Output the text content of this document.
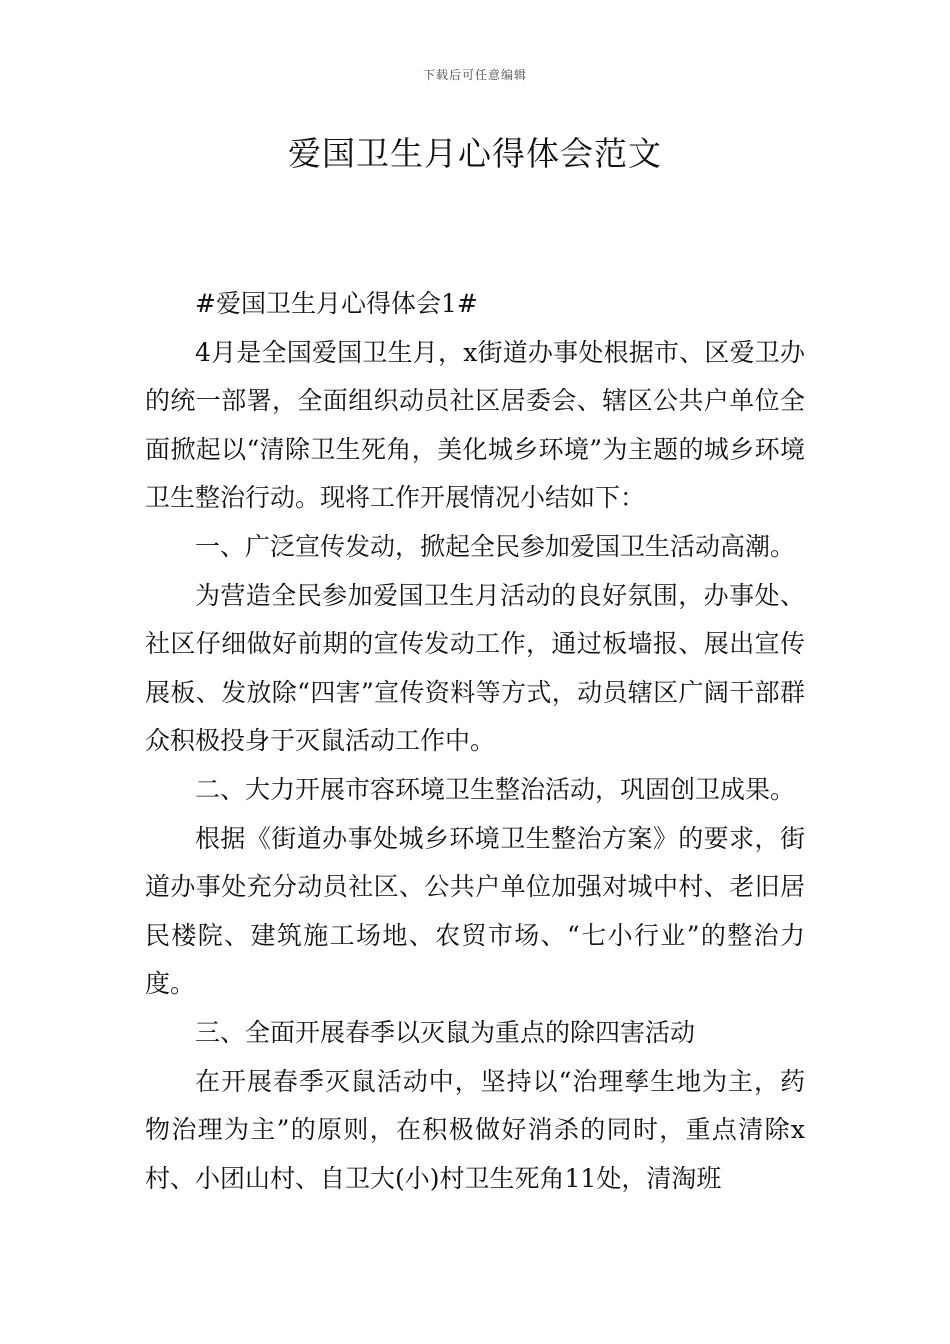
下载后可任意编辑
爱国卫生月心得体会范文

#爱国卫生月心得体会1#

4月是全国爱国卫生月，x街道办事处根据市、区爱卫办的统一部署，全面组织动员社区居委会、辖区公共户单位全面掀起以“清除卫生死角，美化城乡环境”为主题的城乡环境卫生整治行动。现将工作开展情况小结如下：

一、广泛宣传发动，掀起全民参加爱国卫生活动高潮。

为营造全民参加爱国卫生月活动的良好氛围，办事处、社区仔细做好前期的宣传发动工作，通过板墙报、展出宣传展板、发放除“四害”宣传资料等方式，动员辖区广阔干部群众积极投身于灭鼠活动工作中。

二、大力开展市容环境卫生整治活动，巩固创卫成果。

根据《街道办事处城乡环境卫生整治方案》的要求，街道办事处充分动员社区、公共户单位加强对城中村、老旧居民楼院、建筑施工场地、农贸市场、“七小行业”的整治力度。

三、全面开展春季以灭鼠为重点的除四害活动

在开展春季灭鼠活动中，坚持以“治理孳生地为主，药物治理为主”的原则，在积极做好消杀的同时，重点清除x村、小团山村、自卫大(小)村卫生死角11处，清淘班
